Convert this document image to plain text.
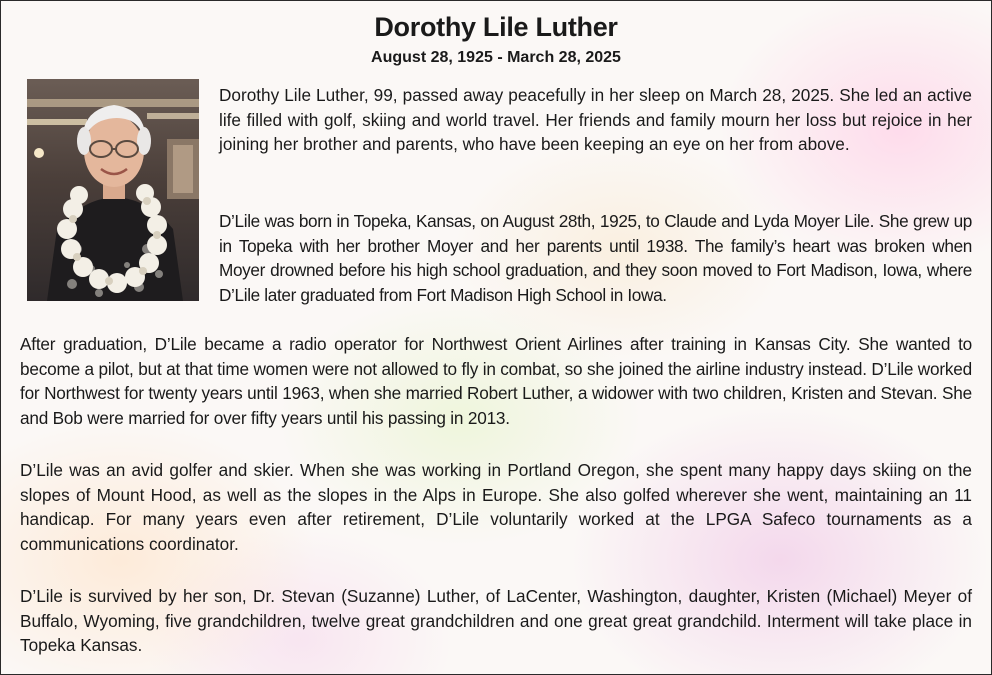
Dorothy Lile Luther
August 28, 1925 - March 28, 2025

Dorothy Lile Luther, 99, passed away peacefully in her sleep on March 28, 2025. She led an active life filled with golf, skiing and world travel. Her friends and family mourn her loss but rejoice in her joining her brother and parents, who have been keeping an eye on her from above.

D’Lile was born in Topeka, Kansas, on August 28th, 1925, to Claude and Lyda Moyer Lile. She grew up in Topeka with her brother Moyer and her parents until 1938. The family’s heart was broken when Moyer drowned before his high school graduation, and they soon moved to Fort Madison, Iowa, where D’Lile later graduated from Fort Madison High School in Iowa.

After graduation, D’Lile became a radio operator for Northwest Orient Airlines after training in Kansas City. She wanted to become a pilot, but at that time women were not allowed to fly in combat, so she joined the airline industry instead. D’Lile worked for Northwest for twenty years until 1963, when she married Robert Luther, a widower with two children, Kristen and Stevan. She and Bob were married for over fifty years until his passing in 2013.

D’Lile was an avid golfer and skier. When she was working in Portland Oregon, she spent many happy days skiing on the slopes of Mount Hood, as well as the slopes in the Alps in Europe. She also golfed wherever she went, maintaining an 11 handicap. For many years even after retirement, D’Lile voluntarily worked at the LPGA Safeco tournaments as a communications coordinator.

D’Lile is survived by her son, Dr. Stevan (Suzanne) Luther, of LaCenter, Washington, daughter, Kristen (Michael) Meyer of Buffalo, Wyoming, five grandchildren, twelve great grandchildren and one great great grandchild. Interment will take place in Topeka Kansas.
